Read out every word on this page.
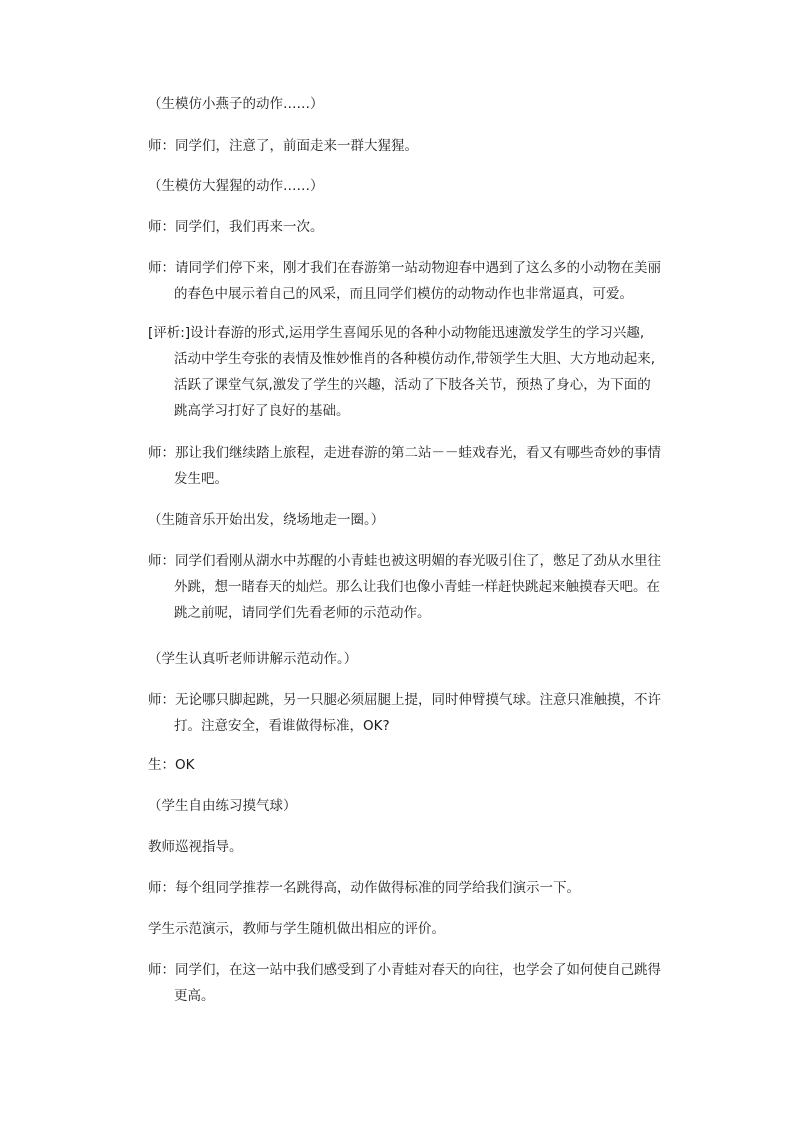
（生模仿小燕子的动作……）

师：同学们，注意了，前面走来一群大猩猩。

（生模仿大猩猩的动作……）

师：同学们，我们再来一次。

师：请同学们停下来，刚才我们在春游第一站动物迎春中遇到了这么多的小动物在美丽
的春色中展示着自己的风采，而且同学们模仿的动物动作也非常逼真，可爱。

[评析:]设计春游的形式,运用学生喜闻乐见的各种小动物能迅速激发学生的学习兴趣,
活动中学生夸张的表情及惟妙惟肖的各种模仿动作,带领学生大胆、大方地动起来,
活跃了课堂气氛,激发了学生的兴趣，活动了下肢各关节，预热了身心，为下面的
跳高学习打好了良好的基础。

师：那让我们继续踏上旅程，走进春游的第二站－－蛙戏春光，看又有哪些奇妙的事情
发生吧。

（生随音乐开始出发，绕场地走一圈。）

师：同学们看刚从湖水中苏醒的小青蛙也被这明媚的春光吸引住了，憋足了劲从水里往
外跳，想一睹春天的灿烂。那么让我们也像小青蛙一样赶快跳起来触摸春天吧。在
跳之前呢，请同学们先看老师的示范动作。

（学生认真听老师讲解示范动作。）

师：无论哪只脚起跳，另一只腿必须屈腿上提，同时伸臂摸气球。注意只准触摸，不许
打。注意安全，看谁做得标准，OK?

生：OK

（学生自由练习摸气球）

教师巡视指导。

师：每个组同学推荐一名跳得高，动作做得标准的同学给我们演示一下。

学生示范演示，教师与学生随机做出相应的评价。

师：同学们，在这一站中我们感受到了小青蛙对春天的向往，也学会了如何使自己跳得
更高。
